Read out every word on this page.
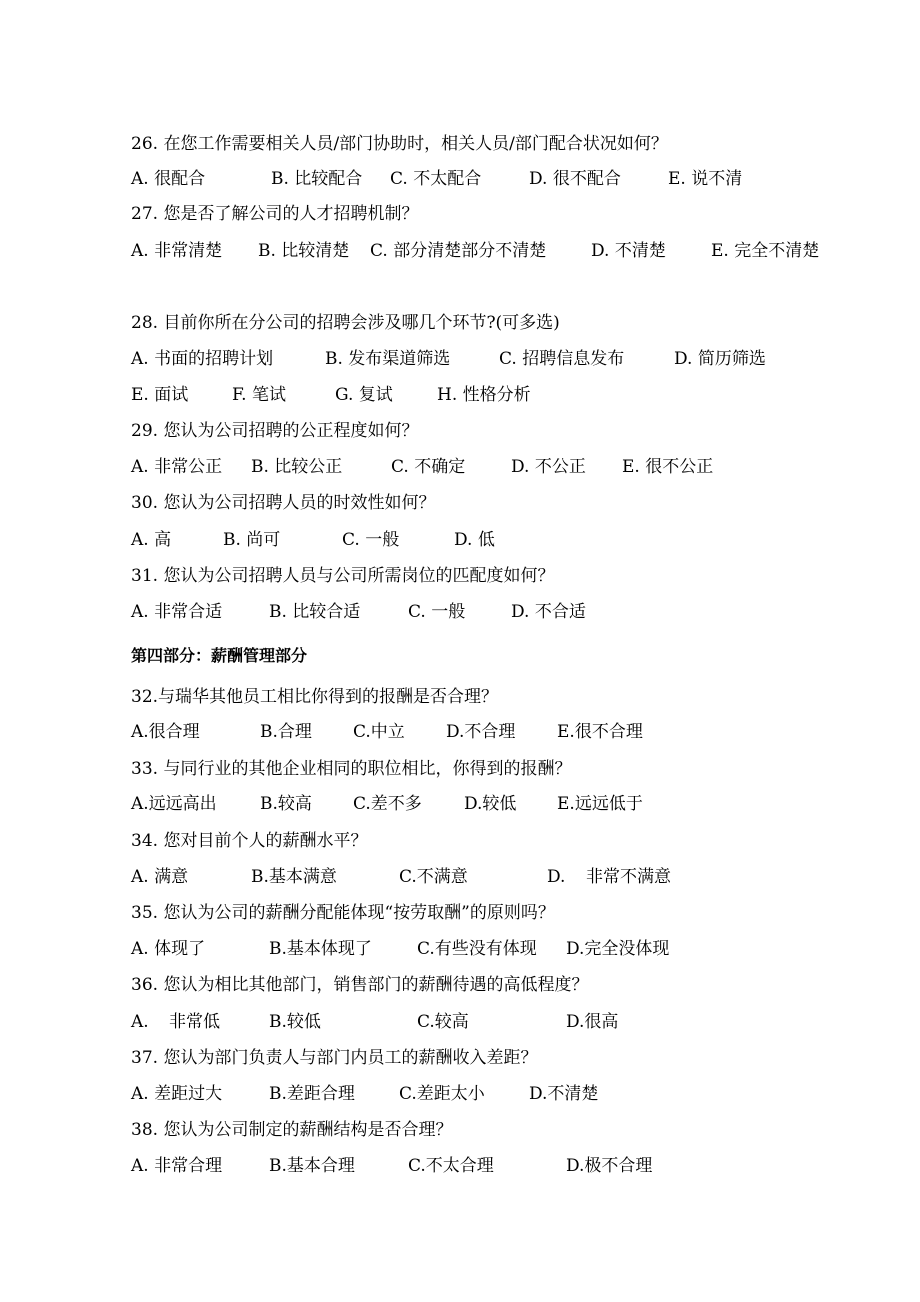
26. 在您工作需要相关人员/部门协助时，相关人员/部门配合状况如何？
A. 很配合	B. 比较配合 C. 不太配合	D. 很不配合	E. 说不清
27. 您是否了解公司的人才招聘机制？
A. 非常清楚 B. 比较清楚 C. 部分清楚部分不清楚	D. 不清楚	E. 完全不清楚
28. 目前你所在分公司的招聘会涉及哪几个环节?(可多选)
A. 书面的招聘计划	B. 发布渠道筛选	C. 招聘信息发布	D. 简历筛选
E. 面试	F. 笔试	G. 复试	H. 性格分析
29. 您认为公司招聘的公正程度如何？
A. 非常公正 B. 比较公正	C. 不确定	D. 不公正 E. 很不公正
30. 您认为公司招聘人员的时效性如何？
A. 高	B. 尚可	C. 一般	D. 低
31. 您认为公司招聘人员与公司所需岗位的匹配度如何？
A. 非常合适	B. 比较合适	C. 一般	D. 不合适
第四部分：薪酬管理部分
32.与瑞华其他员工相比你得到的报酬是否合理？
A.很合理	B.合理 C.中立 D.不合理 E.很不合理
33. 与同行业的其他企业相同的职位相比，你得到的报酬？
A.远远高出	B.较高 C.差不多 D.较低 E.远远低于
34. 您对目前个人的薪酬水平？
A. 满意	B.基本满意	C.不满意	D. 非常不满意
35. 您认为公司的薪酬分配能体现“按劳取酬”的原则吗？
A. 体现了	B.基本体现了	C.有些没有体现 D.完全没体现
36. 您认为相比其他部门，销售部门的薪酬待遇的高低程度？
A. 非常低	B.较低	C.较高	D.很高
37. 您认为部门负责人与部门内员工的薪酬收入差距？
A. 差距过大	B.差距合理	C.差距太小	D.不清楚
38. 您认为公司制定的薪酬结构是否合理？
A. 非常合理	B.基本合理	C.不太合理	D.极不合理
